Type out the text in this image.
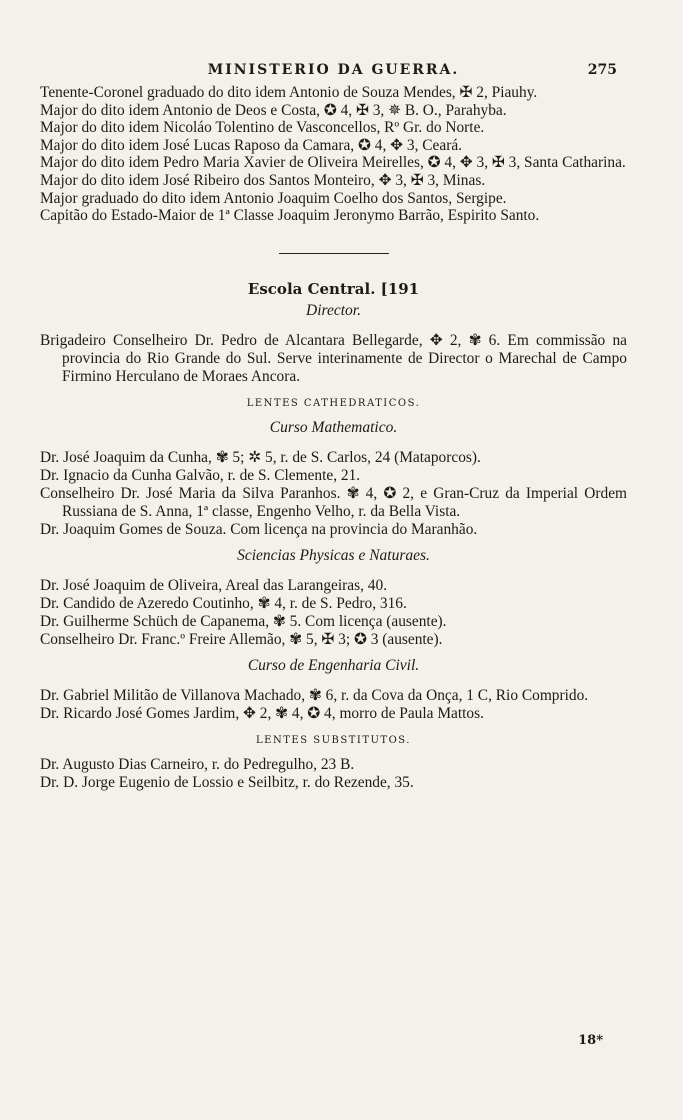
MINISTERIO DA GUERRA.	275

Tenente-Coronel graduado do dito idem Antonio de Souza Mendes, ✠ 2, Piauhy.

Major do dito idem Antonio de Deos e Costa, ✪ 4, ✠ 3, ✵ B. O., Parahyba.

Major do dito idem Nicoláo Tolentino de Vasconcellos, Rº Gr. do Norte.

Major do dito idem José Lucas Raposo da Camara, ✪ 4, ✥ 3, Ceará.

Major do dito idem Pedro Maria Xavier de Oliveira Meirelles, ✪ 4, ✥ 3, ✠ 3, Santa Catharina.

Major do dito idem José Ribeiro dos Santos Monteiro, ✥ 3, ✠ 3, Minas.

Major graduado do dito idem Antonio Joaquim Coelho dos Santos, Sergipe.

Capitão do Estado-Maior de 1ª Classe Joaquim Jeronymo Barrão, Espirito Santo.

Escola Central. [191
Director.

Brigadeiro Conselheiro Dr. Pedro de Alcantara Bellegarde, ✥ 2, ✾ 6. Em commissão na provincia do Rio Grande do Sul. Serve interinamente de Director o Marechal de Campo Firmino Herculano de Moraes Ancora.

LENTES CATHEDRATICOS.
Curso Mathematico.

Dr. José Joaquim da Cunha, ✾ 5; ✲ 5, r. de S. Carlos, 24 (Mataporcos).

Dr. Ignacio da Cunha Galvão, r. de S. Clemente, 21.

Conselheiro Dr. José Maria da Silva Paranhos. ✾ 4, ✪ 2, e Gran-Cruz da Imperial Ordem Russiana de S. Anna, 1ª classe, Engenho Velho, r. da Bella Vista.

Dr. Joaquim Gomes de Souza. Com licença na provincia do Maranhão.

Sciencias Physicas e Naturaes.

Dr. José Joaquim de Oliveira, Areal das Larangeiras, 40.

Dr. Candido de Azeredo Coutinho, ✾ 4, r. de S. Pedro, 316.

Dr. Guilherme Schüch de Capanema, ✾ 5. Com licença (ausente).

Conselheiro Dr. Franc.º Freire Allemão, ✾ 5, ✠ 3; ✪ 3 (ausente).

Curso de Engenharia Civil.

Dr. Gabriel Militão de Villanova Machado, ✾ 6, r. da Cova da Onça, 1 C, Rio Comprido.

Dr. Ricardo José Gomes Jardim, ✥ 2, ✾ 4, ✪ 4, morro de Paula Mattos.

LENTES SUBSTITUTOS.

Dr. Augusto Dias Carneiro, r. do Pedregulho, 23 B.

Dr. D. Jorge Eugenio de Lossio e Seilbitz, r. do Rezende, 35.

18*
